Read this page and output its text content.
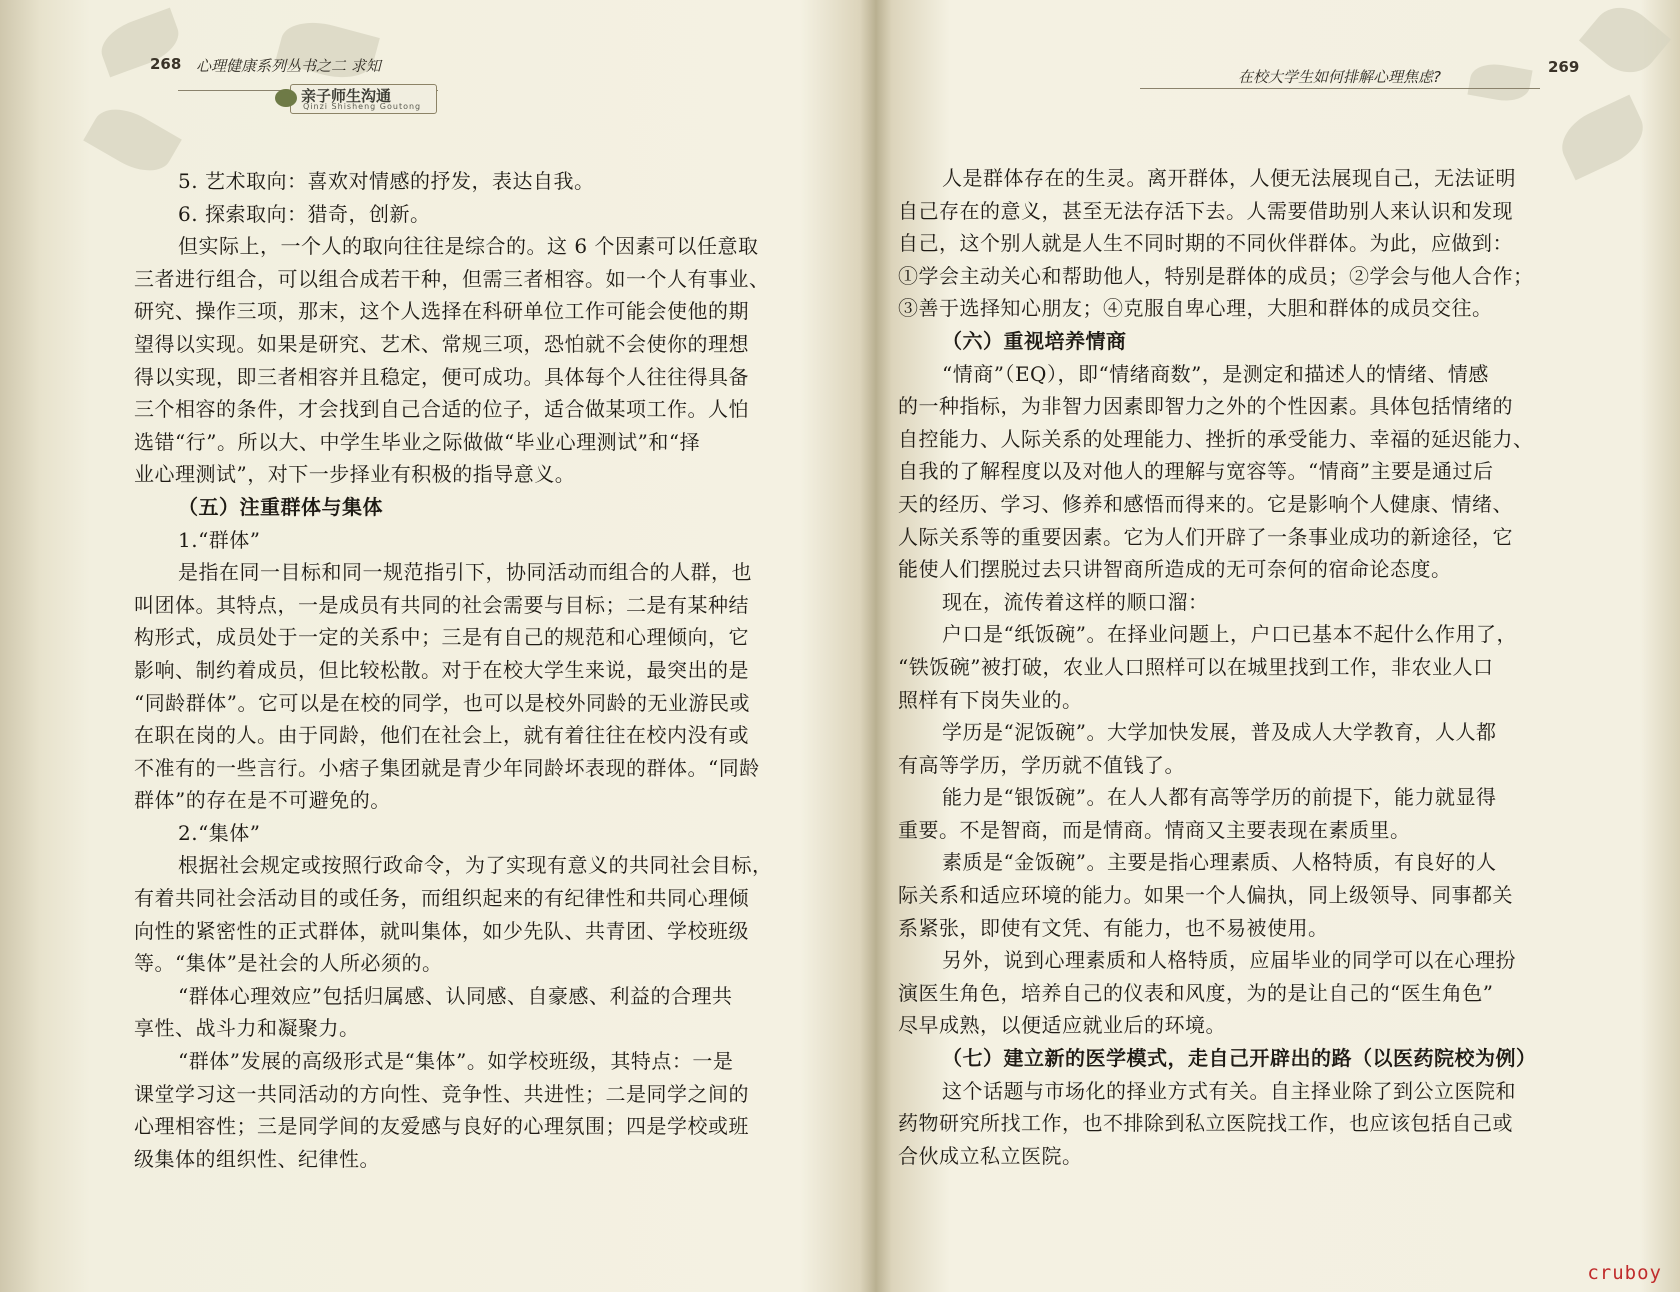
268 心理健康系列丛书之二 求知
亲子师生沟通
Qinzi Shisheng Goutong

5. 艺术取向：喜欢对情感的抒发，表达自我。

6. 探索取向：猎奇，创新。

但实际上，一个人的取向往往是综合的。这 6 个因素可以任意取

三者进行组合，可以组合成若干种，但需三者相容。如一个人有事业、

研究、操作三项，那末，这个人选择在科研单位工作可能会使他的期

望得以实现。如果是研究、艺术、常规三项，恐怕就不会使你的理想

得以实现，即三者相容并且稳定，便可成功。具体每个人往往得具备

三个相容的条件，才会找到自己合适的位子，适合做某项工作。人怕

选错“行”。所以大、中学生毕业之际做做“毕业心理测试”和“择

业心理测试”，对下一步择业有积极的指导意义。

（五）注重群体与集体

1.“群体”

是指在同一目标和同一规范指引下，协同活动而组合的人群，也

叫团体。其特点，一是成员有共同的社会需要与目标；二是有某种结

构形式，成员处于一定的关系中；三是有自己的规范和心理倾向，它

影响、制约着成员，但比较松散。对于在校大学生来说，最突出的是

“同龄群体”。它可以是在校的同学，也可以是校外同龄的无业游民或

在职在岗的人。由于同龄，他们在社会上，就有着往往在校内没有或

不准有的一些言行。小痞子集团就是青少年同龄坏表现的群体。“同龄

群体”的存在是不可避免的。

2.“集体”

根据社会规定或按照行政命令，为了实现有意义的共同社会目标，

有着共同社会活动目的或任务，而组织起来的有纪律性和共同心理倾

向性的紧密性的正式群体，就叫集体，如少先队、共青团、学校班级

等。“集体”是社会的人所必须的。

“群体心理效应”包括归属感、认同感、自豪感、利益的合理共

享性、战斗力和凝聚力。

“群体”发展的高级形式是“集体”。如学校班级，其特点：一是

课堂学习这一共同活动的方向性、竞争性、共进性；二是同学之间的

心理相容性；三是同学间的友爱感与良好的心理氛围；四是学校或班

级集体的组织性、纪律性。

在校大学生如何排解心理焦虑?
269

人是群体存在的生灵。离开群体，人便无法展现自己，无法证明

自己存在的意义，甚至无法存活下去。人需要借助别人来认识和发现

自己，这个别人就是人生不同时期的不同伙伴群体。为此，应做到：

①学会主动关心和帮助他人，特别是群体的成员；②学会与他人合作；

③善于选择知心朋友；④克服自卑心理，大胆和群体的成员交往。

（六）重视培养情商

“情商”（EQ），即“情绪商数”，是测定和描述人的情绪、情感

的一种指标，为非智力因素即智力之外的个性因素。具体包括情绪的

自控能力、人际关系的处理能力、挫折的承受能力、幸福的延迟能力、

自我的了解程度以及对他人的理解与宽容等。“情商”主要是通过后

天的经历、学习、修养和感悟而得来的。它是影响个人健康、情绪、

人际关系等的重要因素。它为人们开辟了一条事业成功的新途径，它

能使人们摆脱过去只讲智商所造成的无可奈何的宿命论态度。

现在，流传着这样的顺口溜：

户口是“纸饭碗”。在择业问题上，户口已基本不起什么作用了，

“铁饭碗”被打破，农业人口照样可以在城里找到工作，非农业人口

照样有下岗失业的。

学历是“泥饭碗”。大学加快发展，普及成人大学教育，人人都

有高等学历，学历就不值钱了。

能力是“银饭碗”。在人人都有高等学历的前提下，能力就显得

重要。不是智商，而是情商。情商又主要表现在素质里。

素质是“金饭碗”。主要是指心理素质、人格特质，有良好的人

际关系和适应环境的能力。如果一个人偏执，同上级领导、同事都关

系紧张，即使有文凭、有能力，也不易被使用。

另外，说到心理素质和人格特质，应届毕业的同学可以在心理扮

演医生角色，培养自己的仪表和风度，为的是让自己的“医生角色”

尽早成熟，以便适应就业后的环境。

（七）建立新的医学模式，走自己开辟出的路（以医药院校为例）

这个话题与市场化的择业方式有关。自主择业除了到公立医院和

药物研究所找工作，也不排除到私立医院找工作，也应该包括自己或

合伙成立私立医院。

cruboy
